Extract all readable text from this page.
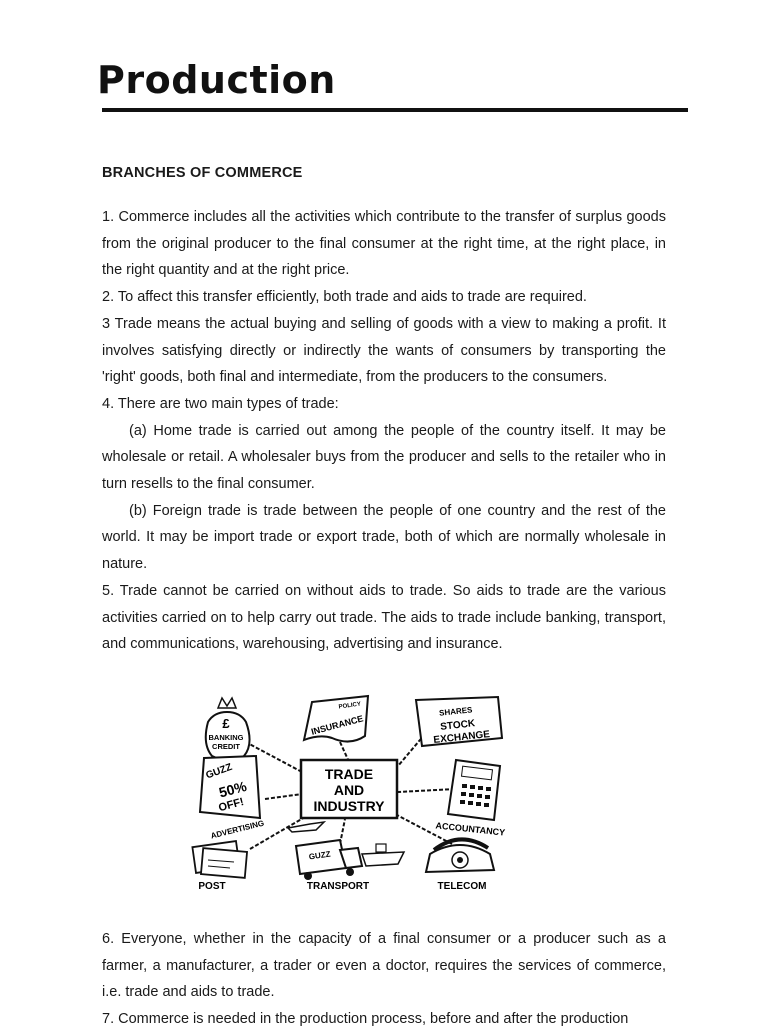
Production
BRANCHES OF COMMERCE

1. Commerce includes all the activities which contribute to the transfer of surplus goods from the original producer to the final consumer at the right time, at the right place, in the right quantity and at the right price.

2. To affect this transfer efficiently, both trade and aids to trade are required.

3 Trade means the actual buying and selling of goods with a view to making a profit. It involves satisfying directly or indirectly the wants of consumers by transporting the 'right' goods, both final and intermediate, from the producers to the consumers.

4. There are two main types of trade:

(a) Home trade is carried out among the people of the country itself. It may be wholesale or retail. A wholesaler buys from the producer and sells to the retailer who in turn resells to the final consumer.

(b) Foreign trade is trade between the people of one country and the rest of the world. It may be import trade or export trade, both of which are normally wholesale in nature.

5. Trade cannot be carried on without aids to trade. So aids to trade are the various activities carried on to help carry out trade. The aids to trade include banking, transport, and communications, warehousing, advertising and insurance.

TRADE
AND
INDUSTRY
£
BANKING
CREDIT
POLICY
INSURANCE
SHARES
STOCK
EXCHANGE
GUZZ
50%
OFF!
ADVERTISING	ACCOUNTANCY
POST
GUZZ
TRANSPORT	TELECOM

6. Everyone, whether in the capacity of a final consumer or a producer such as a farmer, a manufacturer, a trader or even a doctor, requires the services of commerce, i.e. trade and aids to trade.

7. Commerce is needed in the production process, before and after the production
